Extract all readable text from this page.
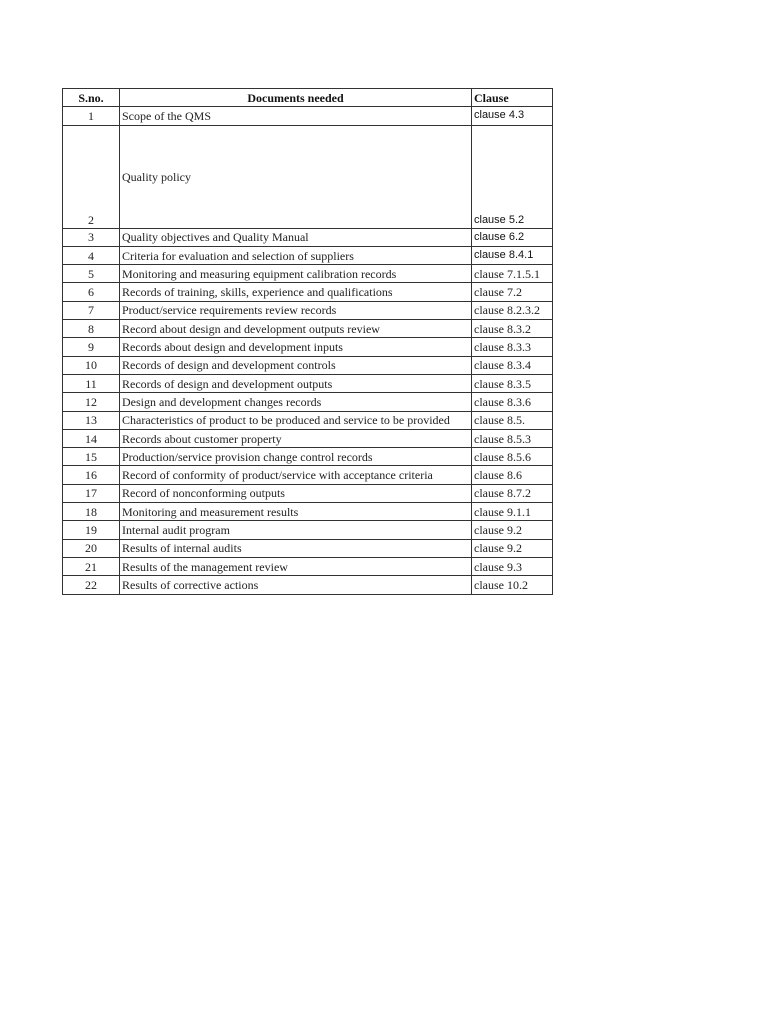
S.no.	Documents needed	Clause
1	Scope of the QMS	clause 4.3
2	Quality policy	clause 5.2
3	Quality objectives and Quality Manual	clause 6.2
4	Criteria for evaluation and selection of suppliers	clause 8.4.1
5	Monitoring and measuring equipment calibration records	clause 7.1.5.1
6	Records of training, skills, experience and qualifications	clause 7.2
7	Product/service requirements review records	clause 8.2.3.2
8	Record about design and development outputs review	clause 8.3.2
9	Records about design and development inputs	clause 8.3.3
10	Records of design and development controls	clause 8.3.4
11	Records of design and development outputs	clause 8.3.5
12	Design and development changes records	clause 8.3.6
13	Characteristics of product to be produced and service to be provided	clause 8.5.
14	Records about customer property	clause 8.5.3
15	Production/service provision change control records	clause 8.5.6
16	Record of conformity of product/service with acceptance criteria	clause 8.6
17	Record of nonconforming outputs	clause 8.7.2
18	Monitoring and measurement results	clause 9.1.1
19	Internal audit program	clause 9.2
20	Results of internal audits	clause 9.2
21	Results of the management review	clause 9.3
22	Results of corrective actions	clause 10.2
